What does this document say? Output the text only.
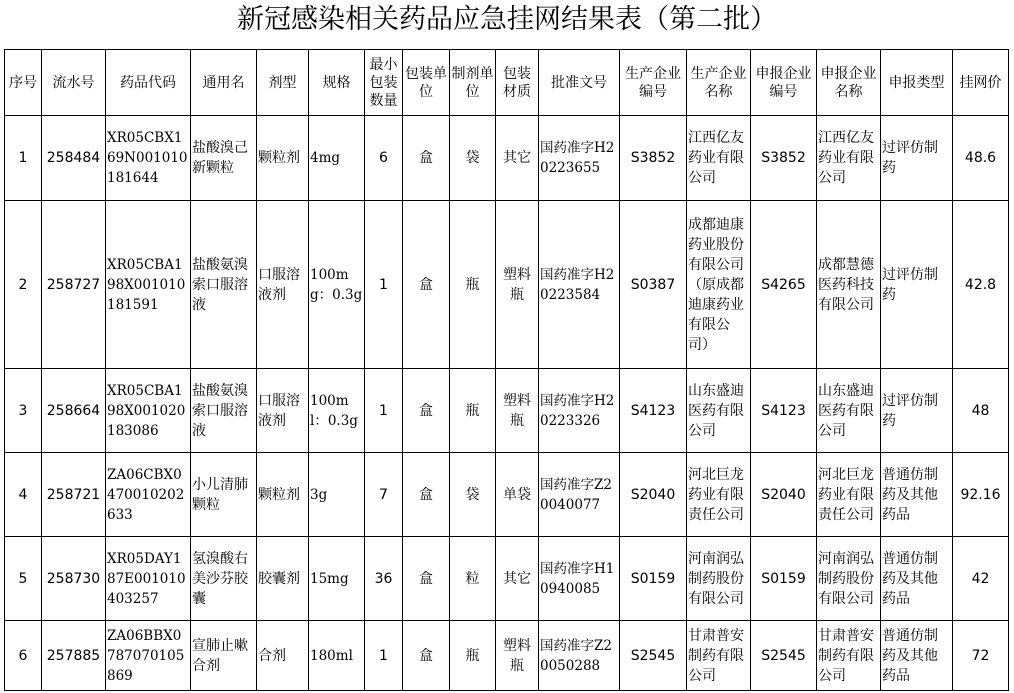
新冠感染相关药品应急挂网结果表（第二批）
序号	流水号	药品代码	通用名	剂型	规格	最小包装数量	包装单位	制剂单位	包装材质	批准文号	生产企业编号	生产企业名称	申报企业编号	申报企业名称	申报类型	挂网价
1	258484	XR05CBX169N001010181644	盐酸溴己新颗粒	颗粒剂	4mg	6	盒	袋	其它	国药准字H20223655	S3852	江西亿友药业有限公司	S3852	江西亿友药业有限公司	过评仿制药	48.6
2	258727	XR05CBA198X001010181591	盐酸氨溴索口服溶液	口服溶液剂	100mg：0.3g	1	盒	瓶	塑料瓶	国药准字H20223584	S0387	成都迪康药业股份有限公司（原成都迪康药业有限公司）	S4265	成都慧德医药科技有限公司	过评仿制药	42.8
3	258664	XR05CBA198X001020183086	盐酸氨溴索口服溶液	口服溶液剂	100ml：0.3g	1	盒	瓶	塑料瓶	国药准字H20223326	S4123	山东盛迪医药有限公司	S4123	山东盛迪医药有限公司	过评仿制药	48
4	258721	ZA06CBX0470010202633	小儿清肺颗粒	颗粒剂	3g	7	盒	袋	单袋	国药准字Z20040077	S2040	河北巨龙药业有限责任公司	S2040	河北巨龙药业有限责任公司	普通仿制药及其他药品	92.16
5	258730	XR05DAY187E001010403257	氢溴酸右美沙芬胶囊	胶囊剂	15mg	36	盒	粒	其它	国药准字H10940085	S0159	河南润弘制药股份有限公司	S0159	河南润弘制药股份有限公司	普通仿制药及其他药品	42
6	257885	ZA06BBX0787070105869	宣肺止嗽合剂	合剂	180ml	1	盒	瓶	塑料瓶	国药准字Z20050288	S2545	甘肃普安制药有限公司	S2545	甘肃普安制药有限公司	普通仿制药及其他药品	72
